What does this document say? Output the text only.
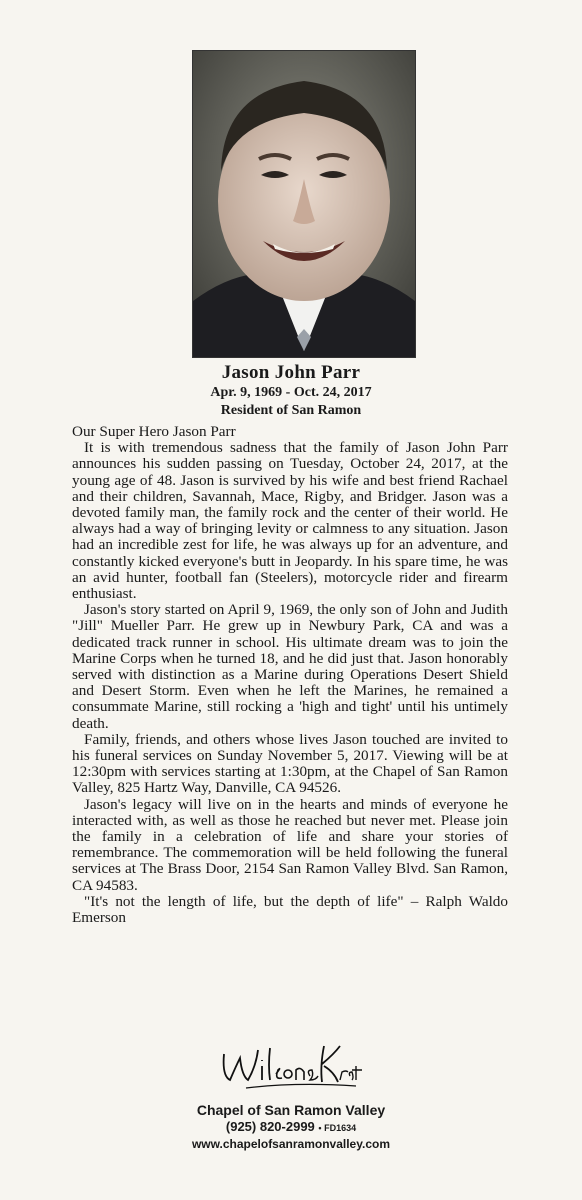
Jason John Parr
Apr. 9, 1969 - Oct. 24, 2017
Resident of San Ramon

Our Super Hero Jason Parr

It is with tremendous sadness that the family of Jason John Parr announces his sudden passing on Tuesday, October 24, 2017, at the young age of 48. Jason is survived by his wife and best friend Rachael and their children, Savannah, Mace, Rigby, and Bridger. Jason was a devoted family man, the family rock and the center of their world. He always had a way of bringing levity or calmness to any situation. Jason had an incredible zest for life, he was always up for an adventure, and constantly kicked everyone's butt in Jeopardy. In his spare time, he was an avid hunter, football fan (Steelers), motorcycle rider and firearm enthusiast.

Jason's story started on April 9, 1969, the only son of John and Judith "Jill" Mueller Parr. He grew up in Newbury Park, CA and was a dedicated track runner in school. His ultimate dream was to join the Marine Corps when he turned 18, and he did just that. Jason honorably served with distinction as a Marine during Operations Desert Shield and Desert Storm. Even when he left the Marines, he remained a consummate Marine, still rocking a 'high and tight' until his untimely death.

Family, friends, and others whose lives Jason touched are invited to his funeral services on Sunday November 5, 2017. Viewing will be at 12:30pm with services starting at 1:30pm, at the Chapel of San Ramon Valley, 825 Hartz Way, Danville, CA 94526.

Jason's legacy will live on in the hearts and minds of everyone he interacted with, as well as those he reached but never met. Please join the family in a celebration of life and share your stories of remembrance. The commemoration will be held following the funeral services at The Brass Door, 2154 San Ramon Valley Blvd. San Ramon, CA 94583.

"It's not the length of life, but the depth of life" – Ralph Waldo Emerson

Chapel of San Ramon Valley
(925) 820-2999 • FD1634
www.chapelofsanramonvalley.com
